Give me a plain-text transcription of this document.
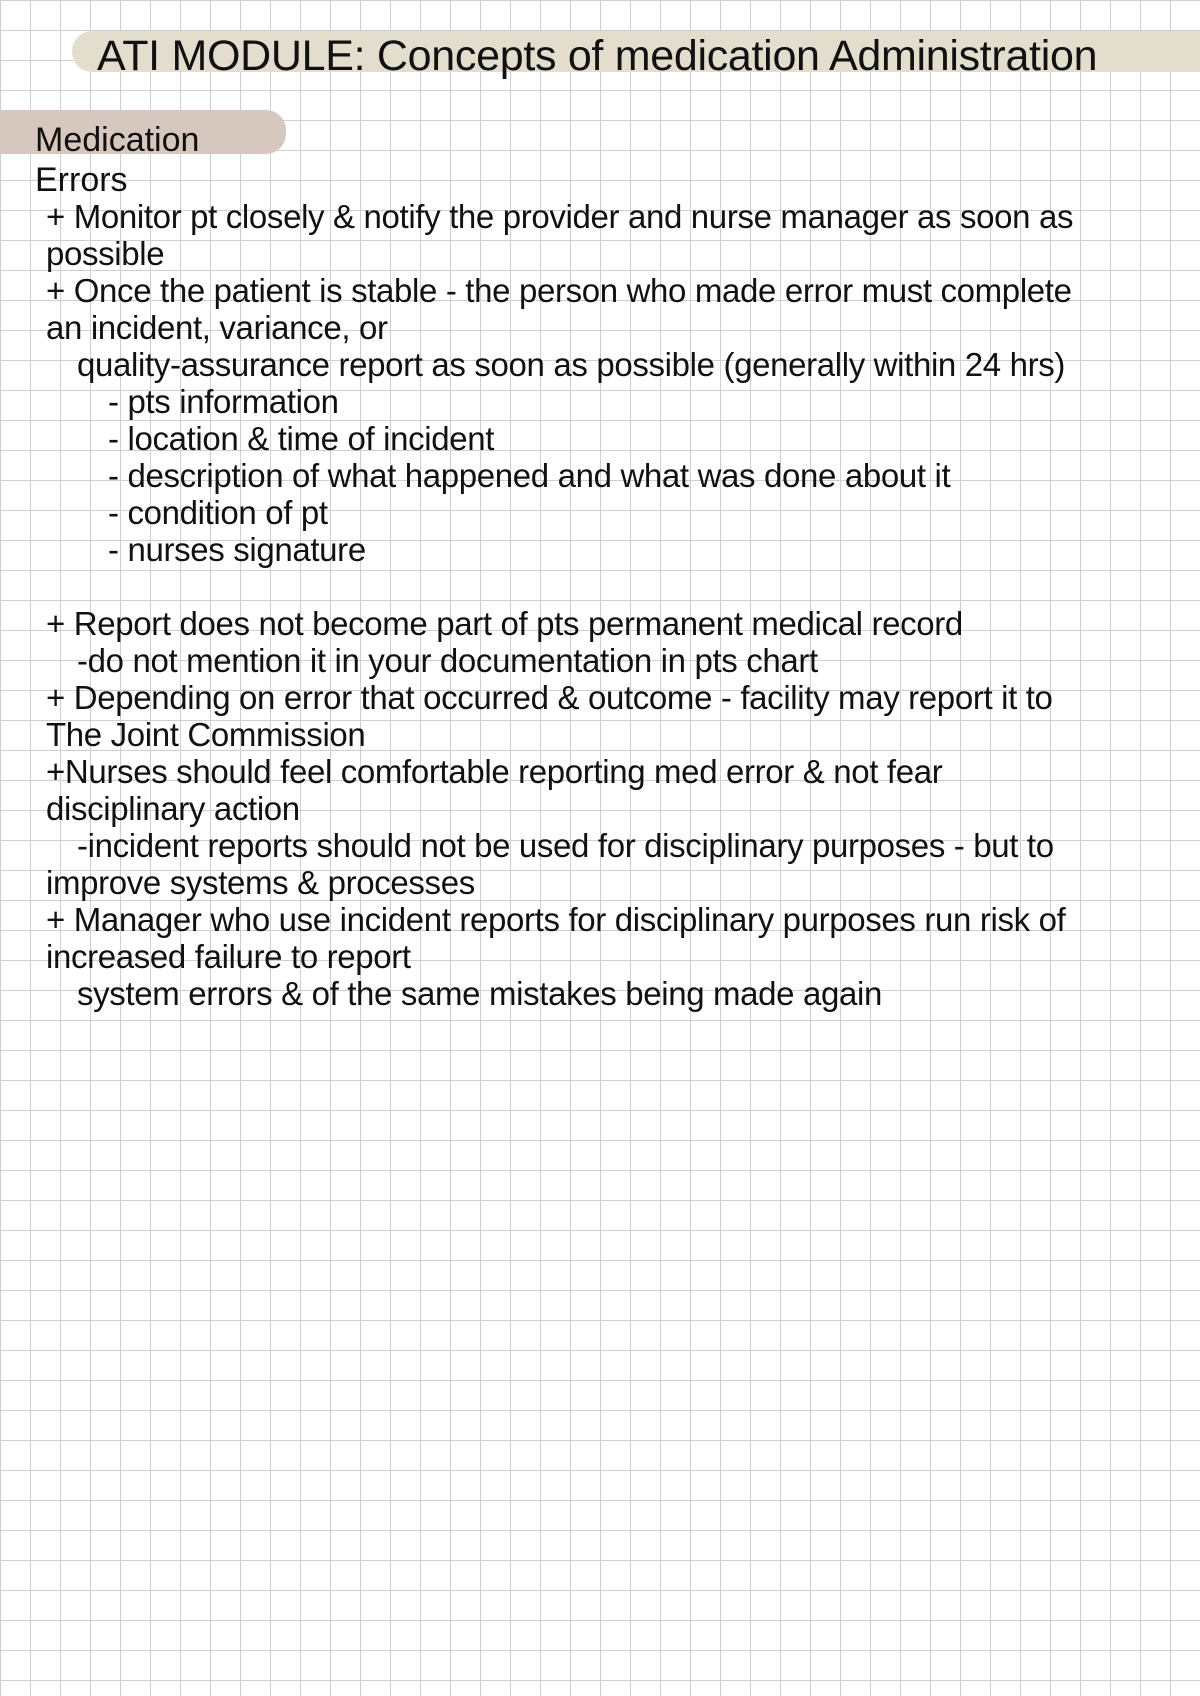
ATI MODULE: Concepts of medication Administration
Medication
Errors
+ Monitor pt closely & notify the provider and nurse manager as soon as
possible
+ Once the patient is stable - the person who made error must complete
an incident, variance, or
quality-assurance report as soon as possible (generally within 24 hrs)
- pts information
- location & time of incident
- description of what happened and what was done about it
- condition of pt
- nurses signature
+ Report does not become part of pts permanent medical record
-do not mention it in your documentation in pts chart
+ Depending on error that occurred & outcome - facility may report it to
The Joint Commission
+Nurses should feel comfortable reporting med error & not fear
disciplinary action
-incident reports should not be used for disciplinary purposes - but to
improve systems & processes
+ Manager who use incident reports for disciplinary purposes run risk of
increased failure to report
system errors & of the same mistakes being made again
